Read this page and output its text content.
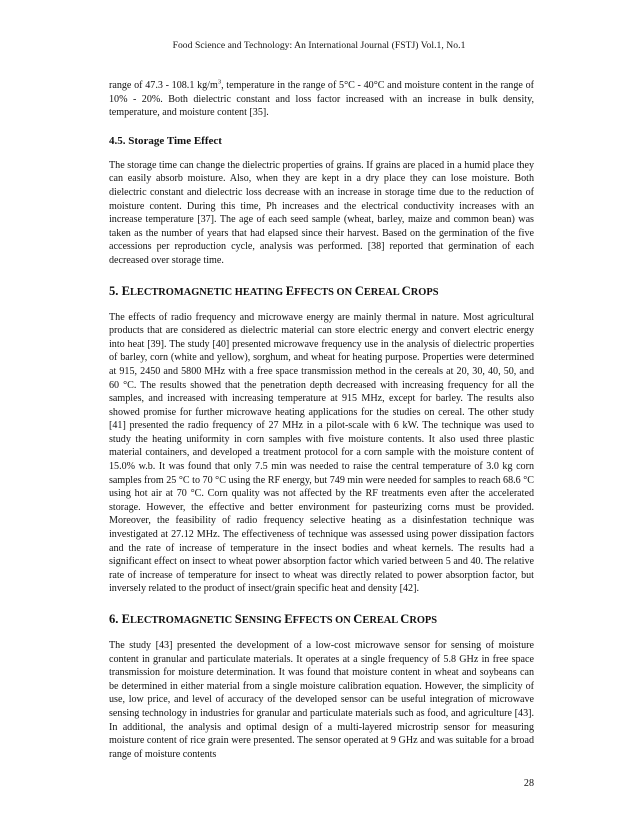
Food Science and Technology: An International Journal (FSTJ) Vol.1, No.1

range of 47.3 - 108.1 $kg/m^3$, temperature in the range of 5°C - 40°C and moisture content in the range of 10% - 20%. Both dielectric constant and loss factor increased with an increase in bulk density, temperature, and moisture content [35].

4.5. Storage Time Effect

The storage time can change the dielectric properties of grains. If grains are placed in a humid place they can easily absorb moisture. Also, when they are kept in a dry place they can lose moisture. Both dielectric constant and dielectric loss decrease with an increase in storage time due to the reduction of moisture content. During this time, Ph increases and the electrical conductivity increases with an increase temperature [37]. The age of each seed sample (wheat, barley, maize and common bean) was taken as the number of years that had elapsed since their harvest. Based on the germination of the five accessions per reproduction cycle, analysis was performed. [38] reported that germination of each decreased over storage time.

5. ELECTROMAGNETIC HEATING EFFECTS ON CEREAL CROPS

The effects of radio frequency and microwave energy are mainly thermal in nature. Most agricultural products that are considered as dielectric material can store electric energy and convert electric energy into heat [39]. The study [40] presented microwave frequency use in the analysis of dielectric properties of barley, corn (white and yellow), sorghum, and wheat for heating purpose. Properties were determined at 915, 2450 and 5800 MHz with a free space transmission method in the cereals at 20, 30, 40, 50, and 60 °C. The results showed that the penetration depth decreased with increasing frequency for all the samples, and increased with increasing temperature at 915 MHz, except for barley. The results also showed promise for further microwave heating applications for the studies on cereal. The other study [41] presented the radio frequency of 27 MHz in a pilot-scale with 6 kW. The technique was used to study the heating uniformity in corn samples with five moisture contents. It also used three plastic material containers, and developed a treatment protocol for a corn sample with the moisture content of 15.0% w.b. It was found that only 7.5 min was needed to raise the central temperature of 3.0 kg corn samples from 25 °C to 70 °C using the RF energy, but 749 min were needed for samples to reach 68.6 °C using hot air at 70 °C. Corn quality was not affected by the RF treatments even after the accelerated storage. However, the effective and better environment for pasteurizing corns must be provided. Moreover, the feasibility of radio frequency selective heating as a disinfestation technique was investigated at 27.12 MHz. The effectiveness of technique was assessed using power dissipation factors and the rate of increase of temperature in the insect bodies and wheat kernels. The results had a significant effect on insect to wheat power absorption factor which varied between 5 and 40. The relative rate of increase of temperature for insect to wheat was directly related to power absorption factor, but inversely related to the product of insect/grain specific heat and density [42].

6. ELECTROMAGNETIC SENSING EFFECTS ON CEREAL CROPS

The study [43] presented the development of a low-cost microwave sensor for sensing of moisture content in granular and particulate materials. It operates at a single frequency of 5.8 GHz in free space transmission for moisture determination. It was found that moisture content in wheat and soybeans can be determined in either material from a single moisture calibration equation. However, the simplicity of use, low price, and level of accuracy of the developed sensor can be useful integration of microwave sensing technology in industries for granular and particulate materials such as food, and agriculture [43]. In additional, the analysis and optimal design of a multi-layered microstrip sensor for measuring moisture content of rice grain were presented. The sensor operated at 9 GHz and was suitable for a broad range of moisture contents

28
